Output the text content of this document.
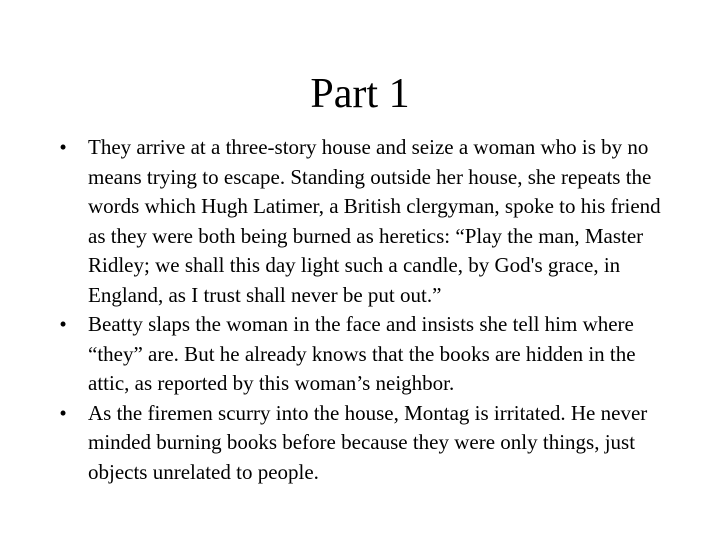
Part 1
• They arrive at a three-story house and seize a woman who is by no means trying to escape. Standing outside her house, she repeats the words which Hugh Latimer, a British clergyman, spoke to his friend as they were both being burned as heretics: “Play the man, Master Ridley; we shall this day light such a candle, by God's grace, in England, as I trust shall never be put out.”
• Beatty slaps the woman in the face and insists she tell him where “they” are. But he already knows that the books are hidden in the attic, as reported by this woman’s neighbor.
• As the firemen scurry into the house, Montag is irritated. He never minded burning books before because they were only things, just objects unrelated to people.
